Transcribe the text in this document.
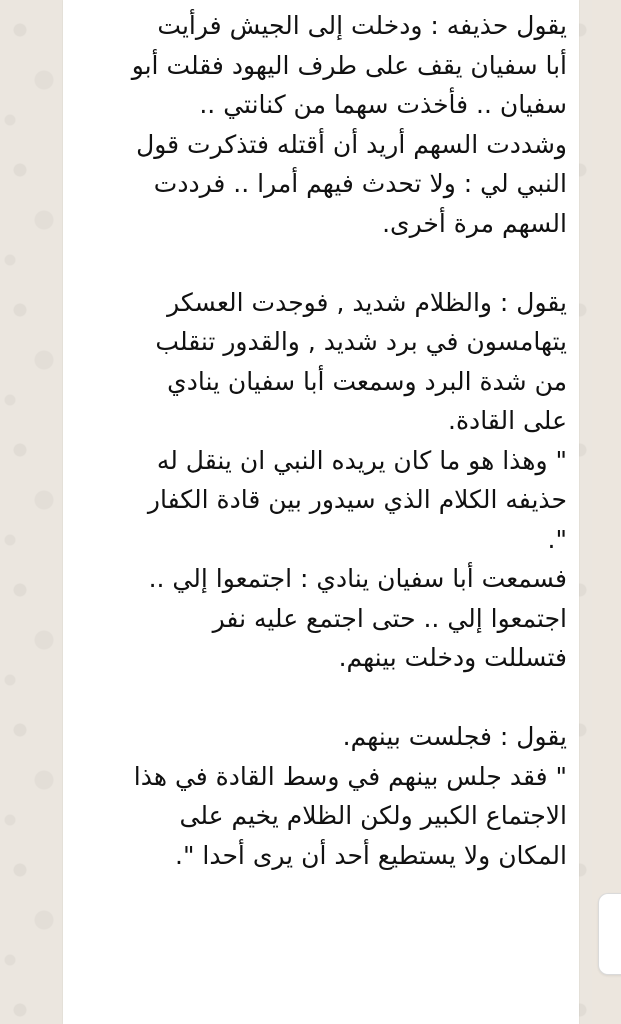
يقول حذيفه : ودخلت إلى الجيش فرأيت
أبا سفيان يقف على طرف اليهود فقلت أبو
سفيان .. فأخذت سهما من كنانتي ..
وشددت السهم أريد أن أقتله فتذكرت قول
النبي لي : ولا تحدث فيهم أمرا .. فرددت
السهم مرة أخرى.
يقول : والظلام شديد , فوجدت العسكر
يتهامسون في برد شديد , والقدور تنقلب
من شدة البرد وسمعت أبا سفيان ينادي
على القادة.
" وهذا هو ما كان يريده النبي ان ينقل له
حذيفه الكلام الذي سيدور بين قادة الكفار
".
فسمعت أبا سفيان ينادي : اجتمعوا إلي ..
اجتمعوا إلي .. حتى اجتمع عليه نفر
فتسللت ودخلت بينهم.
يقول : فجلست بينهم.
" فقد جلس بينهم في وسط القادة في هذا
الاجتماع الكبير ولكن الظلام يخيم على
المكان ولا يستطيع أحد أن يرى أحدا ".
